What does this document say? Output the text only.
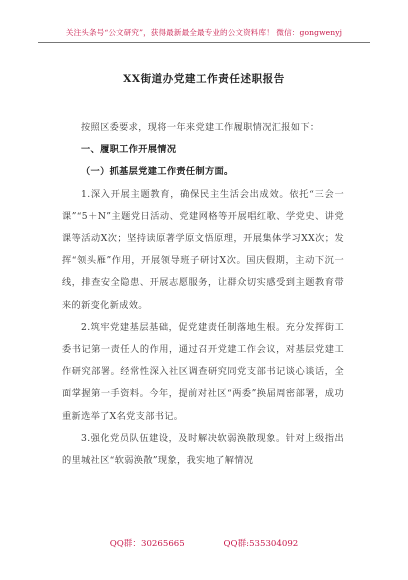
关注头条号“公文研究”，获得最新最全最专业的公文资料库！ 微信：gongwenyj
XX街道办党建工作责任述职报告

按照区委要求，现将一年来党建工作履职情况汇报如下：

一、履职工作开展情况

（一）抓基层党建工作责任制方面。

1.深入开展主题教育，确保民主生活会出成效。依托“三会一课”“5＋N”主题党日活动、党建网格等开展唱红歌、学党史、讲党课等活动X次；坚持读原著学原文悟原理，开展集体学习XX次；发挥“领头雁”作用，开展领导班子研讨X次。国庆假期，主动下沉一线，排查安全隐患、开展志愿服务，让群众切实感受到主题教育带来的新变化新成效。

2.筑牢党建基层基础，促党建责任制落地生根。充分发挥街工委书记第一责任人的作用，通过召开党建工作会议，对基层党建工作研究部署。经常性深入社区调查研究同党支部书记谈心谈话，全面掌握第一手资料。今年，提前对社区“两委”换届周密部署，成功重新选举了X名党支部书记。

3.强化党员队伍建设，及时解决软弱涣散现象。针对上级指出的里城社区“软弱涣散”现象，我实地了解情况

QQ群：30265665	QQ群:535304092
